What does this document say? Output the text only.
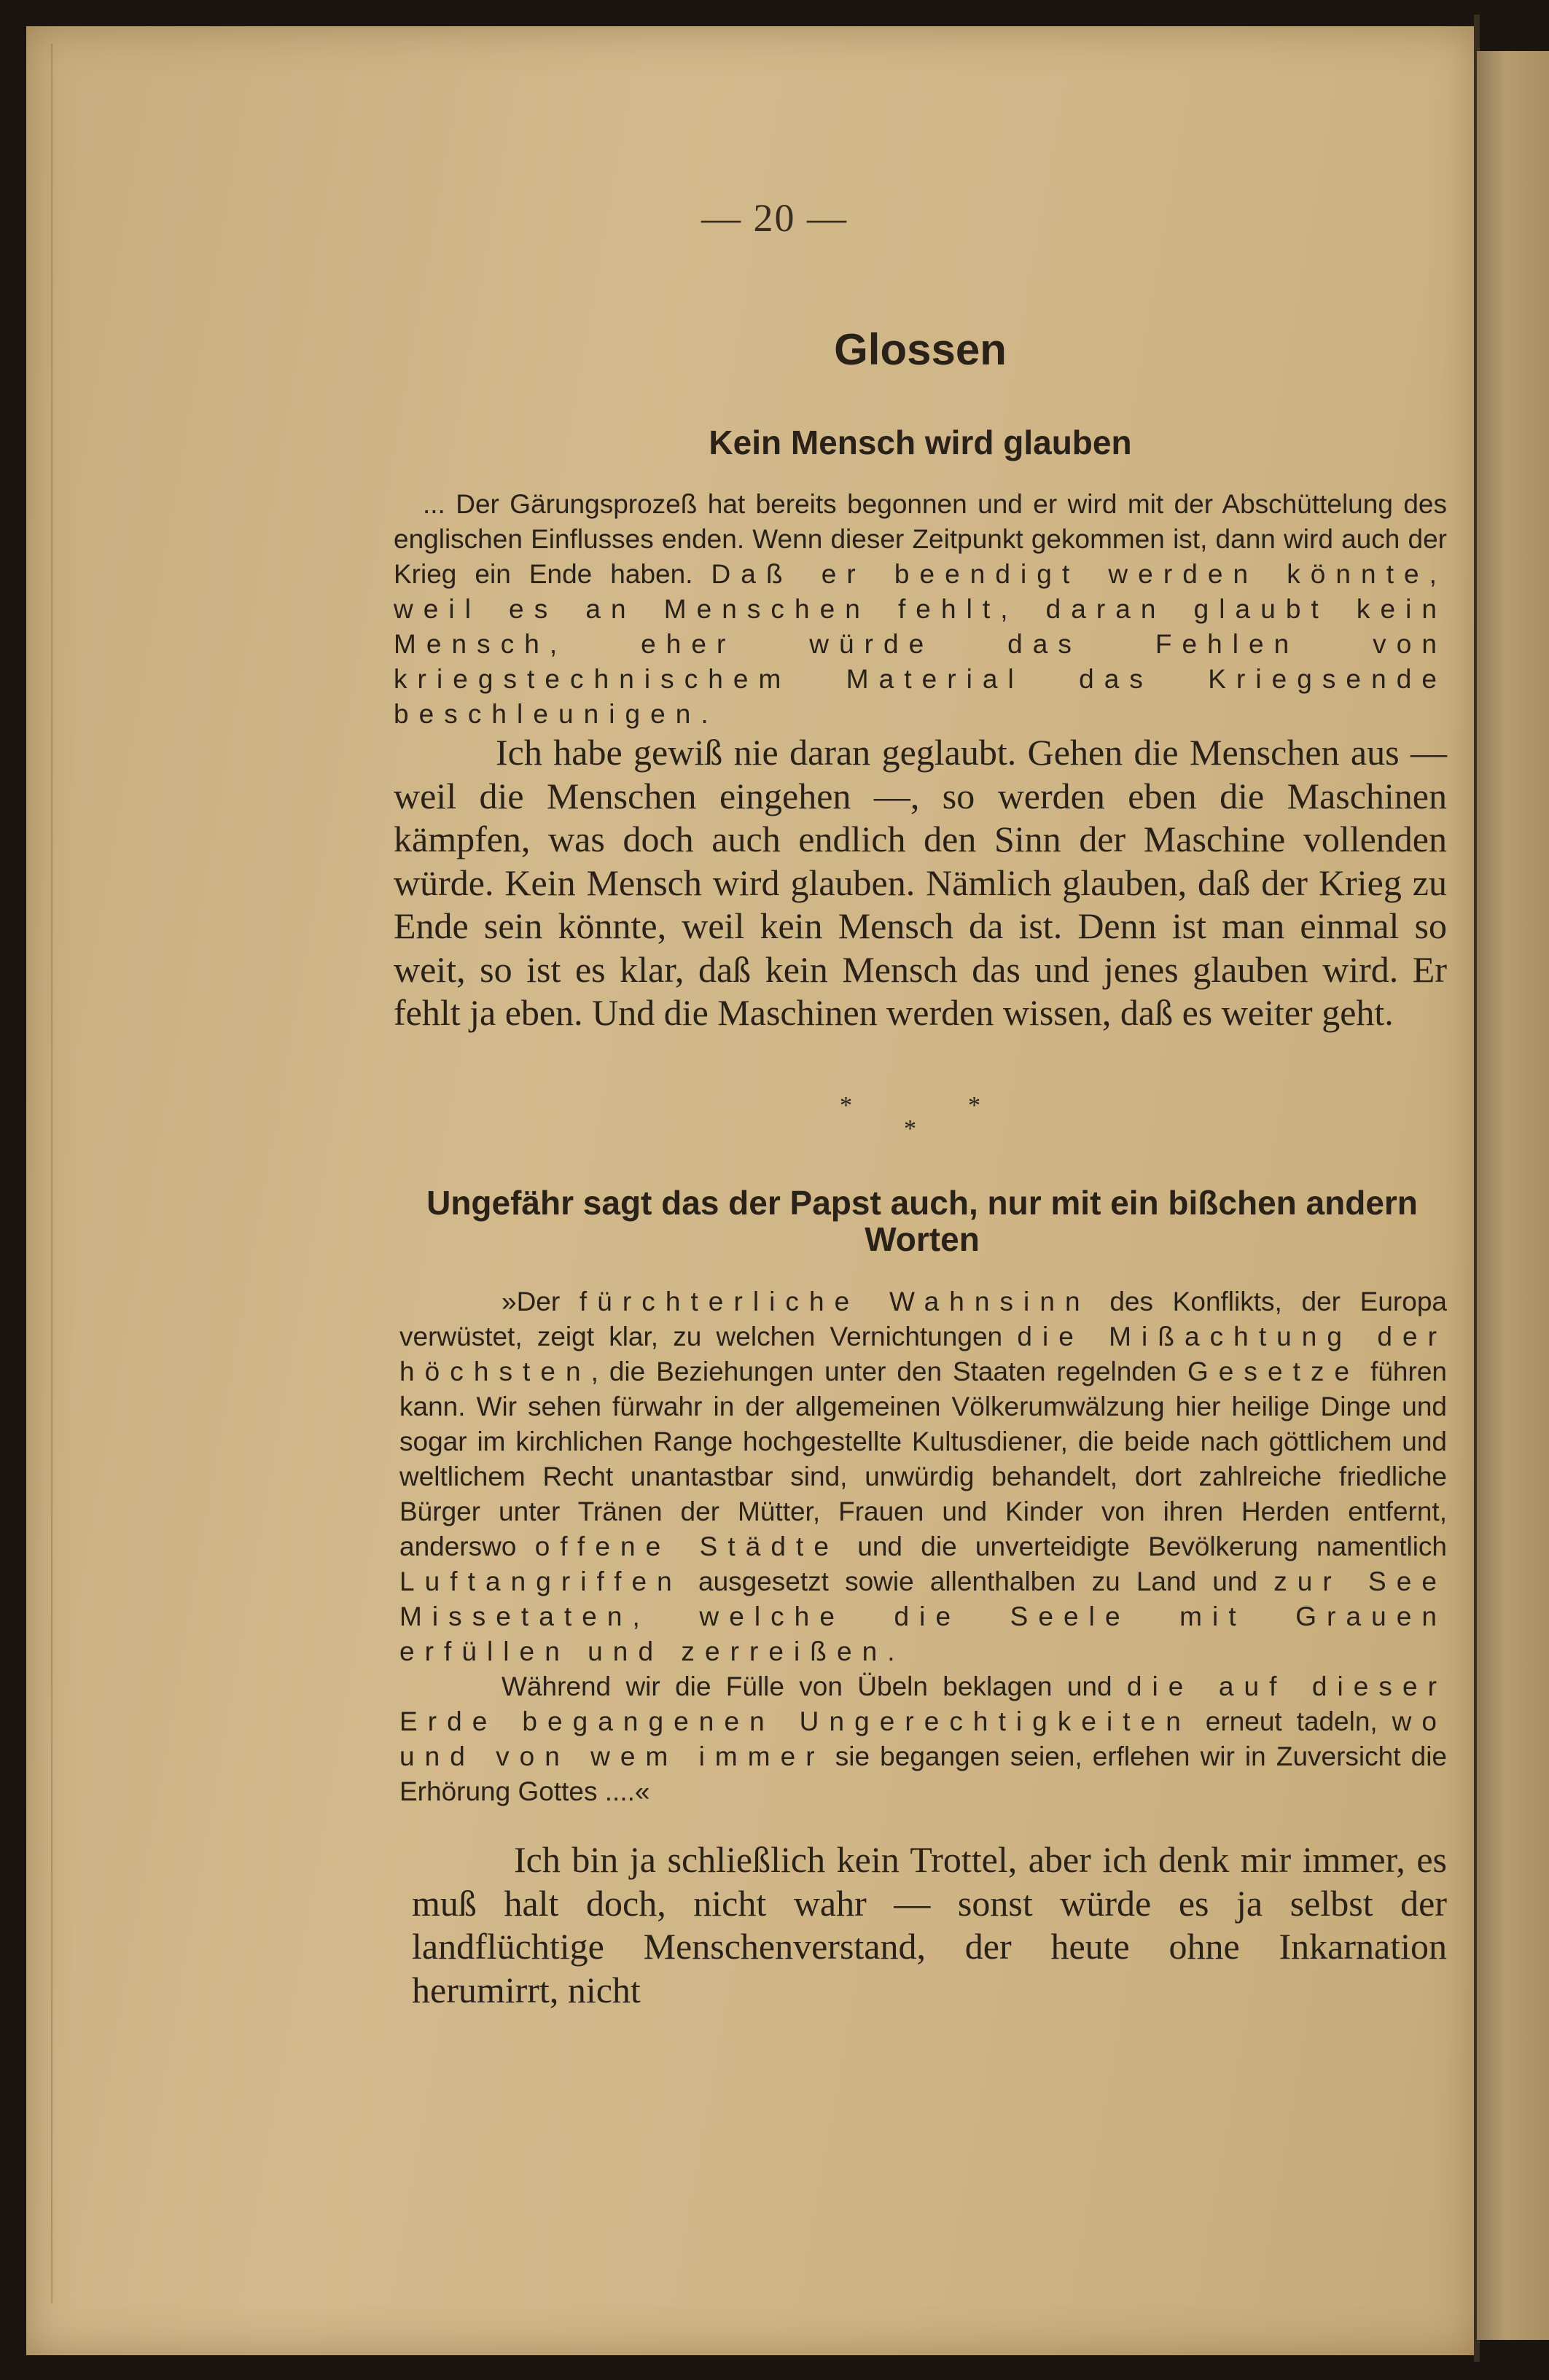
— 20 —
Glossen
Kein Mensch wird glauben

... Der Gärungsprozeß hat bereits begonnen und er wird mit der Abschüttelung des englischen Einflusses enden. Wenn dieser Zeitpunkt gekommen ist, dann wird auch der Krieg ein Ende haben. Daß er beendigt werden könnte, weil es an Menschen fehlt, daran glaubt kein Mensch, eher würde das Fehlen von kriegstechnischem Material das Kriegsende beschleunigen.

Ich habe gewiß nie daran geglaubt. Gehen die Menschen aus — weil die Menschen eingehen —, so werden eben die Maschinen kämpfen, was doch auch endlich den Sinn der Maschine vollenden würde. Kein Mensch wird glauben. Nämlich glauben, daß der Krieg zu Ende sein könnte, weil kein Mensch da ist. Denn ist man einmal so weit, so ist es klar, daß kein Mensch das und jenes glauben wird. Er fehlt ja eben. Und die Maschinen werden wissen, daß es weiter geht.

*
*
*
Ungefähr sagt das der Papst auch, nur mit ein bißchen andern Worten

»Der fürchterliche Wahnsinn des Konflikts, der Europa verwüstet, zeigt klar, zu welchen Vernichtungen die Mißachtung der höchsten, die Beziehungen unter den Staaten regelnden Gesetze führen kann. Wir sehen fürwahr in der allgemeinen Völkerumwälzung hier heilige Dinge und sogar im kirchlichen Range hochgestellte Kultusdiener, die beide nach göttlichem und weltlichem Recht unantastbar sind, unwürdig behandelt, dort zahlreiche friedliche Bürger unter Tränen der Mütter, Frauen und Kinder von ihren Herden entfernt, anderswo offene Städte und die unverteidigte Bevölkerung namentlich Luftangriffen ausgesetzt sowie allenthalben zu Land und zur See Missetaten, welche die Seele mit Grauen erfüllen und zerreißen.

Während wir die Fülle von Übeln beklagen und die auf dieser Erde begangenen Ungerechtigkeiten erneut tadeln, wo und von wem immer sie begangen seien, erflehen wir in Zuversicht die Erhörung Gottes ....«

Ich bin ja schließlich kein Trottel, aber ich denk mir immer, es muß halt doch, nicht wahr — sonst würde es ja selbst der landflüchtige Menschenverstand, der heute ohne Inkarnation herumirrt, nicht
